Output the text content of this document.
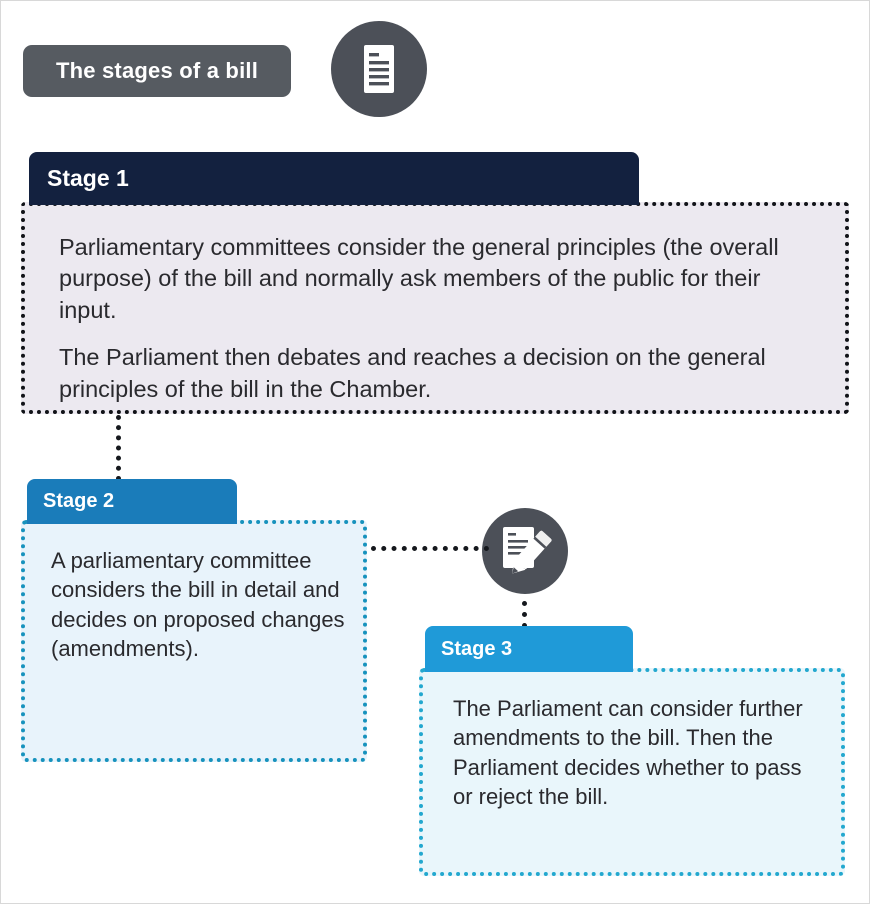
The stages of a bill
Stage 1

Parliamentary committees consider the general principles (the overall purpose) of the bill and normally ask members of the public for their input.

The Parliament then debates and reaches a decision on the general principles of the bill in the Chamber.

Stage 2

A parliamentary committee considers the bill in detail and decides on proposed changes (amendments).	Stage 3

The Parliament can consider further amendments to the bill. Then the Parliament decides whether to pass or reject the bill.
